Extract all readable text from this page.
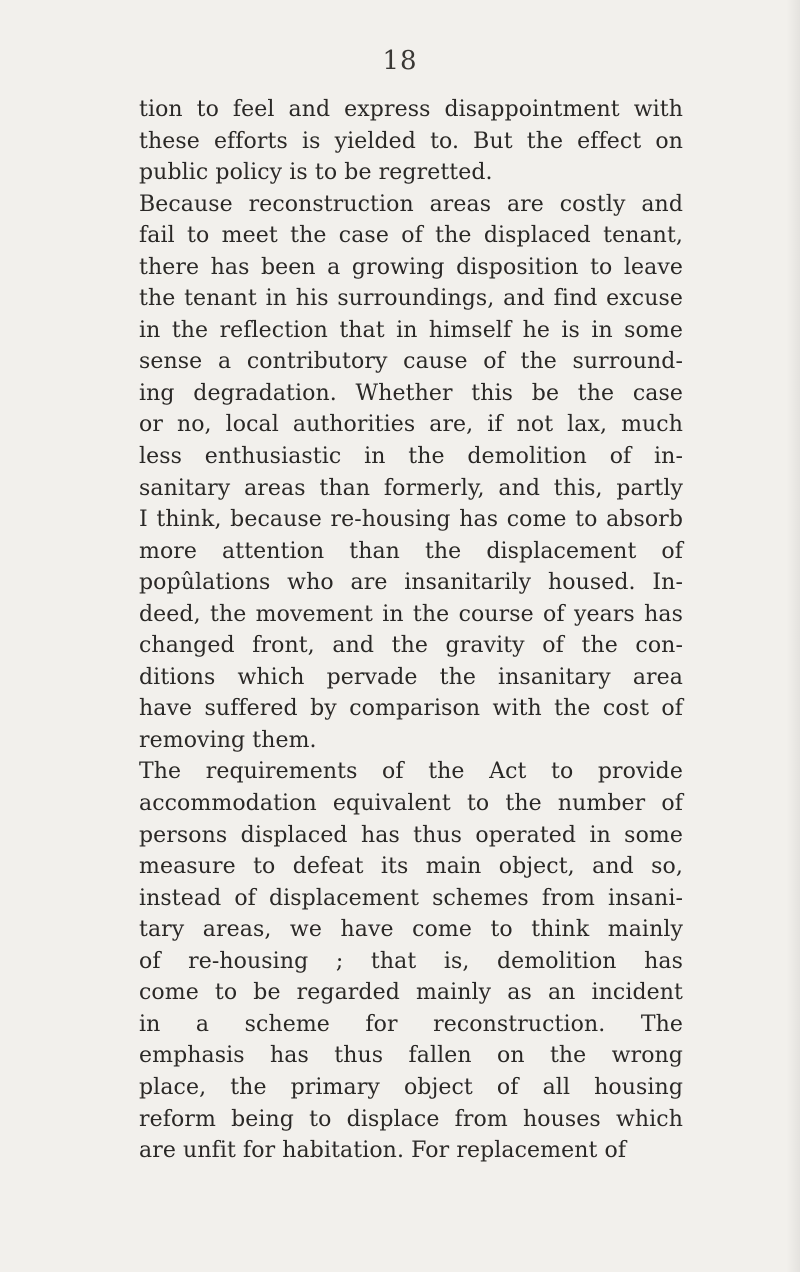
18
tion to feel and express disappointment with
these efforts is yielded to. But the effect on
public policy is to be regretted.
Because reconstruction areas are costly and
fail to meet the case of the displaced tenant,
there has been a growing disposition to leave
the tenant in his surroundings, and find excuse
in the reflection that in himself he is in some
sense a contributory cause of the surround-
ing degradation. Whether this be the case
or no, local authorities are, if not lax, much
less enthusiastic in the demolition of in-
sanitary areas than formerly, and this, partly
I think, because re-housing has come to absorb
more attention than the displacement of
popûlations who are insanitarily housed. In-
deed, the movement in the course of years has
changed front, and the gravity of the con-
ditions which pervade the insanitary area
have suffered by comparison with the cost of
removing them.
The requirements of the Act to provide
accommodation equivalent to the number of
persons displaced has thus operated in some
measure to defeat its main object, and so,
instead of displacement schemes from insani-
tary areas, we have come to think mainly
of re-housing ; that is, demolition has
come to be regarded mainly as an incident
in a scheme for reconstruction. The
emphasis has thus fallen on the wrong
place, the primary object of all housing
reform being to displace from houses which
are unfit for habitation. For replacement of
